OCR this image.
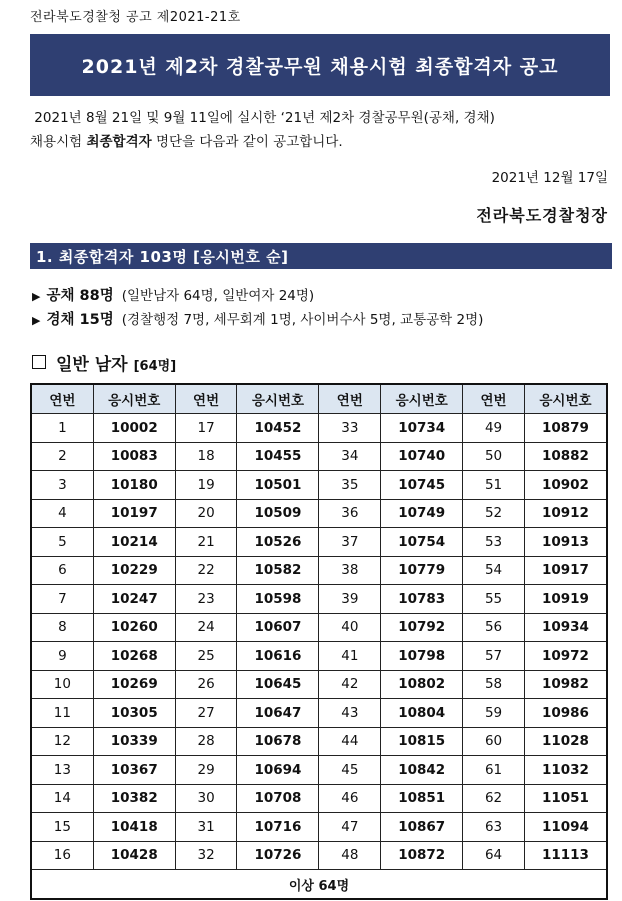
전라북도경찰청 공고 제2021-21호
2021년 제2차 경찰공무원 채용시험 최종합격자 공고
2021년 8월 21일 및 9월 11일에 실시한 ‘21년 제2차 경찰공무원(공채, 경채)
채용시험 최종합격자 명단을 다음과 같이 공고합니다.
2021년 12월 17일
전라북도경찰청장
1. 최종합격자 103명 [응시번호 순]
▶ 공채 88명 (일반남자 64명, 일반여자 24명)
▶ 경채 15명 (경찰행정 7명, 세무회계 1명, 사이버수사 5명, 교통공학 2명)
일반 남자 [64명]
연번	응시번호	연번	응시번호	연번	응시번호	연번	응시번호
1	10002	17	10452	33	10734	49	10879
2	10083	18	10455	34	10740	50	10882
3	10180	19	10501	35	10745	51	10902
4	10197	20	10509	36	10749	52	10912
5	10214	21	10526	37	10754	53	10913
6	10229	22	10582	38	10779	54	10917
7	10247	23	10598	39	10783	55	10919
8	10260	24	10607	40	10792	56	10934
9	10268	25	10616	41	10798	57	10972
10	10269	26	10645	42	10802	58	10982
11	10305	27	10647	43	10804	59	10986
12	10339	28	10678	44	10815	60	11028
13	10367	29	10694	45	10842	61	11032
14	10382	30	10708	46	10851	62	11051
15	10418	31	10716	47	10867	63	11094
16	10428	32	10726	48	10872	64	11113
이상 64명							
